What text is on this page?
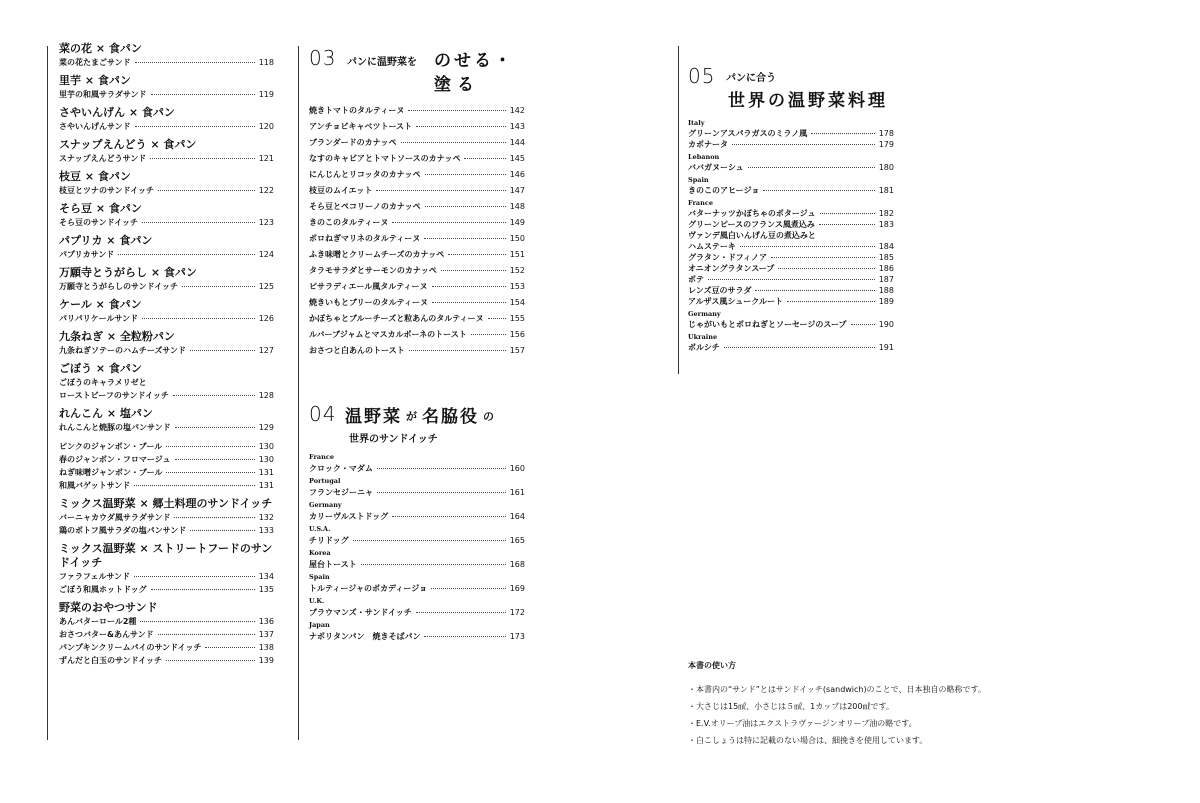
菜の花 × 食パン
菜の花たまごサンド	118
里芋 × 食パン
里芋の和風サラダサンド	119
さやいんげん × 食パン
さやいんげんサンド	120
スナップえんどう × 食パン
スナップえんどうサンド	121
枝豆 × 食パン
枝豆とツナのサンドイッチ	122
そら豆 × 食パン
そら豆のサンドイッチ	123
パプリカ × 食パン
パプリカサンド	124
万願寺とうがらし × 食パン
万願寺とうがらしのサンドイッチ	125
ケール × 食パン
パリパリケールサンド	126
九条ねぎ × 全粒粉パン
九条ねぎソテーのハムチーズサンド	127
ごぼう × 食パン
ごぼうのキャラメリゼと
ローストビーフのサンドイッチ	128
れんこん × 塩パン
れんこんと焼豚の塩パンサンド	129
ピンクのジャンボン・ブール	130
春のジャンボン・フロマージュ	130
ねぎ味噌ジャンボン・ブール	131
和風バゲットサンド	131
ミックス温野菜 × 郷土料理のサンドイッチ
バーニャカウダ風サラダサンド	132
鶏のポトフ風サラダの塩パンサンド	133
ミックス温野菜 × ストリートフードのサンドイッチ
ファラフェルサンド	134
ごぼう和風ホットドッグ	135
野菜のおやつサンド
あんバターロール2種	136
おさつバター&あんサンド	137
パンプキンクリームパイのサンドイッチ	138
ずんだと白玉のサンドイッチ	139
03 パンに温野菜を のせる・
塗る
焼きトマトのタルティーヌ	142
アンチョビキャベツトースト	143
ブランダードのカナッペ	144
なすのキャビアとトマトソースのカナッペ	145
にんじんとリコッタのカナッペ	146
枝豆のムイエット	147
そら豆とペコリーノのカナッペ	148
きのこのタルティーヌ	149
ポロねぎマリネのタルティーヌ	150
ふき味噌とクリームチーズのカナッペ	151
タラモサラダとサーモンのカナッペ	152
ピサラディエール風タルティーヌ	153
焼きいもとブリーのタルティーヌ	154
かぼちゃとブルーチーズと粒あんのタルティーヌ	155
ルバーブジャムとマスカルポーネのトースト	156
おさつと白あんのトースト	157
04 温野菜 が 名脇役 の
世界のサンドイッチ
France
クロック・マダム	160
Portugal
フランセジーニャ	161
Germany
カリーヴルストドッグ	164
U.S.A.
チリドッグ	165
Korea
屋台トースト	168
Spain
トルティージャのボカディージョ	169
U.K.
ブラウマンズ・サンドイッチ	172
Japan
ナポリタンパン　焼きそばパン	173
05 パンに合う
世界の温野菜料理
Italy
グリーンアスパラガスのミラノ風	178
カポナータ	179
Lebanon
ババガヌーシュ	180
Spain
きのこのアヒージョ	181
France
バターナッツかぼちゃのポタージュ	182
グリーンピースのフランス風煮込み	183
ヴァンデ風白いんげん豆の煮込みと
ハムステーキ	184
グラタン・ドフィノア	185
オニオングラタンスープ	186
ポテ	187
レンズ豆のサラダ	188
アルザス風シュークルート	189
Germany
じゃがいもとポロねぎとソーセージのスープ	190
Ukraine
ボルシチ	191
本書の使い方
・本書内の“サンド”とはサンドイッチ(sandwich)のことで、日本独自の略称です。
・大さじは15㎖、小さじは５㎖、1カップは200㎖です。
・E.V.オリーブ油はエクストラヴァージンオリーブ油の略です。
・白こしょうは特に記載のない場合は、細挽きを使用しています。
